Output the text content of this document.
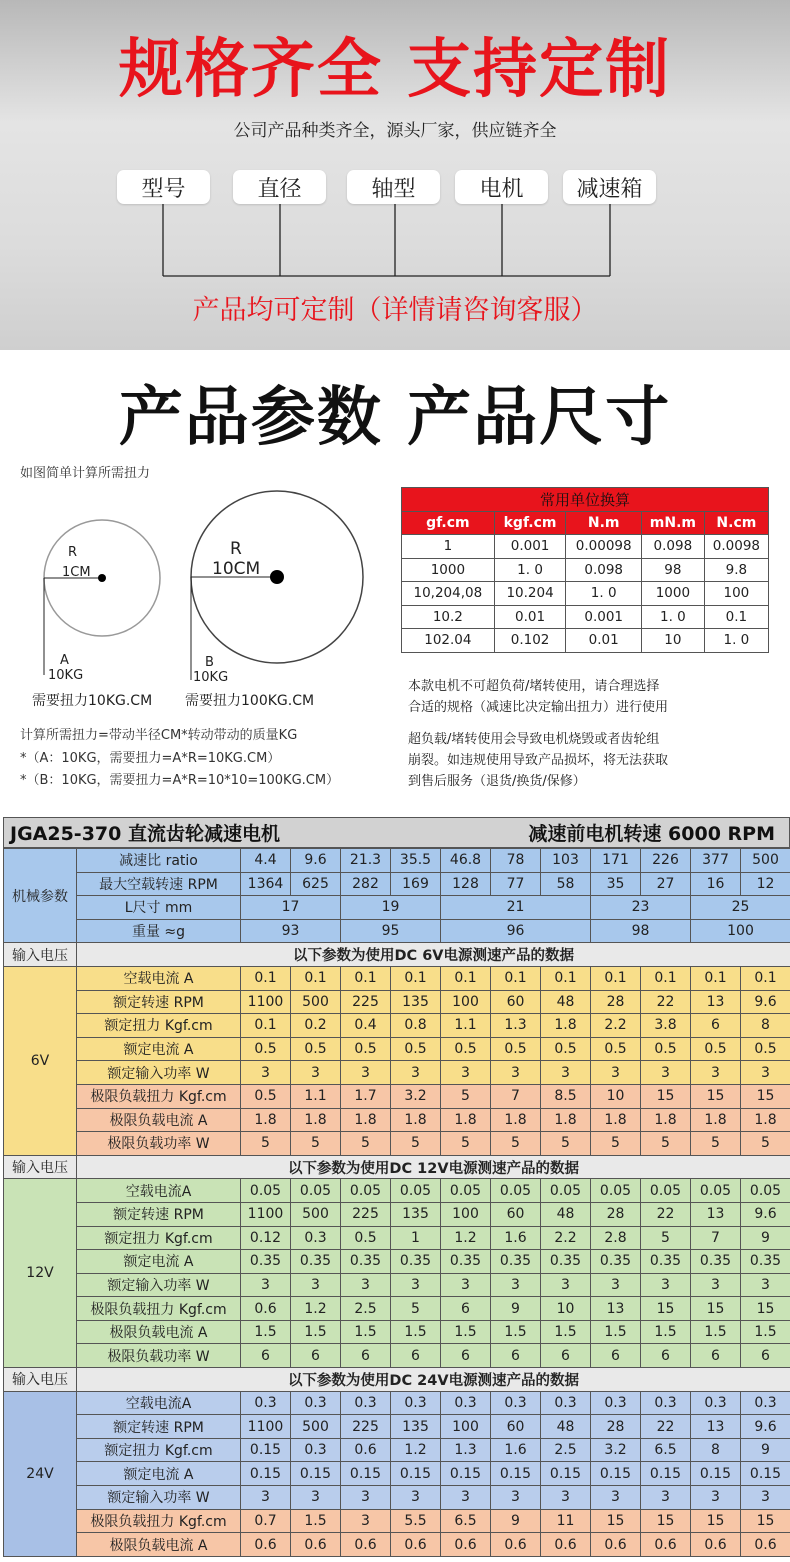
规格齐全 支持定制
公司产品种类齐全，源头厂家，供应链齐全
型号	直径	轴型	电机	减速箱
产品均可定制（详情请咨询客服）
产品参数 产品尺寸
如图简单计算所需扭力
R
1CM
A
10KG
需要扭力10KG.CM
R
10CM
B
10KG
需要扭力100KG.CM
计算所需扭力=带动半径CM*转动带动的质量KG
*（A：10KG，需要扭力=A*R=10KG.CM）
*（B：10KG，需要扭力=A*R=10*10=100KG.CM）
常用单位换算				
gf.cm	kgf.cm	N.m	mN.m	N.cm
1	0.001	0.00098	0.098	0.0098
1000	1. 0	0.098	98	9.8
10,204,08	10.204	1. 0	1000	100
10.2	0.01	0.001	1. 0	0.1
102.04	0.102	0.01	10	1. 0
本款电机不可超负荷/堵转使用，请合理选择
合适的规格（减速比决定输出扭力）进行使用
超负载/堵转使用会导致电机烧毁或者齿轮组
崩裂。如违规使用导致产品损坏，将无法获取
到售后服务（退货/换货/保修）
JGA25-370 直流齿轮减速电机	减速前电机转速 6000 RPM
机械参数	减速比 ratio	4.4	9.6	21.3	35.5	46.8	78	103	171	226	377	500
	最大空载转速 RPM	1364	625	282	169	128	77	58	35	27	16	12
	L尺寸 mm	17		19		21			23		25	
	重量 ≈g	93		95		96			98		100	
输入电压	以下参数为使用DC 6V电源测速产品的数据											
6V	空载电流 A	0.1	0.1	0.1	0.1	0.1	0.1	0.1	0.1	0.1	0.1	0.1
	额定转速 RPM	1100	500	225	135	100	60	48	28	22	13	9.6
	额定扭力 Kgf.cm	0.1	0.2	0.4	0.8	1.1	1.3	1.8	2.2	3.8	6	8
	额定电流 A	0.5	0.5	0.5	0.5	0.5	0.5	0.5	0.5	0.5	0.5	0.5
	额定输入功率 W	3	3	3	3	3	3	3	3	3	3	3
	极限负载扭力 Kgf.cm	0.5	1.1	1.7	3.2	5	7	8.5	10	15	15	15
	极限负载电流 A	1.8	1.8	1.8	1.8	1.8	1.8	1.8	1.8	1.8	1.8	1.8
	极限负载功率 W	5	5	5	5	5	5	5	5	5	5	5
输入电压	以下参数为使用DC 12V电源测速产品的数据											
12V	空载电流A	0.05	0.05	0.05	0.05	0.05	0.05	0.05	0.05	0.05	0.05	0.05
	额定转速 RPM	1100	500	225	135	100	60	48	28	22	13	9.6
	额定扭力 Kgf.cm	0.12	0.3	0.5	1	1.2	1.6	2.2	2.8	5	7	9
	额定电流 A	0.35	0.35	0.35	0.35	0.35	0.35	0.35	0.35	0.35	0.35	0.35
	额定输入功率 W	3	3	3	3	3	3	3	3	3	3	3
	极限负载扭力 Kgf.cm	0.6	1.2	2.5	5	6	9	10	13	15	15	15
	极限负载电流 A	1.5	1.5	1.5	1.5	1.5	1.5	1.5	1.5	1.5	1.5	1.5
	极限负载功率 W	6	6	6	6	6	6	6	6	6	6	6
输入电压	以下参数为使用DC 24V电源测速产品的数据											
24V	空载电流A	0.3	0.3	0.3	0.3	0.3	0.3	0.3	0.3	0.3	0.3	0.3
	额定转速 RPM	1100	500	225	135	100	60	48	28	22	13	9.6
	额定扭力 Kgf.cm	0.15	0.3	0.6	1.2	1.3	1.6	2.5	3.2	6.5	8	9
	额定电流 A	0.15	0.15	0.15	0.15	0.15	0.15	0.15	0.15	0.15	0.15	0.15
	额定输入功率 W	3	3	3	3	3	3	3	3	3	3	3
	极限负载扭力 Kgf.cm	0.7	1.5	3	5.5	6.5	9	11	15	15	15	15
	极限负载电流 A	0.6	0.6	0.6	0.6	0.6	0.6	0.6	0.6	0.6	0.6	0.6
